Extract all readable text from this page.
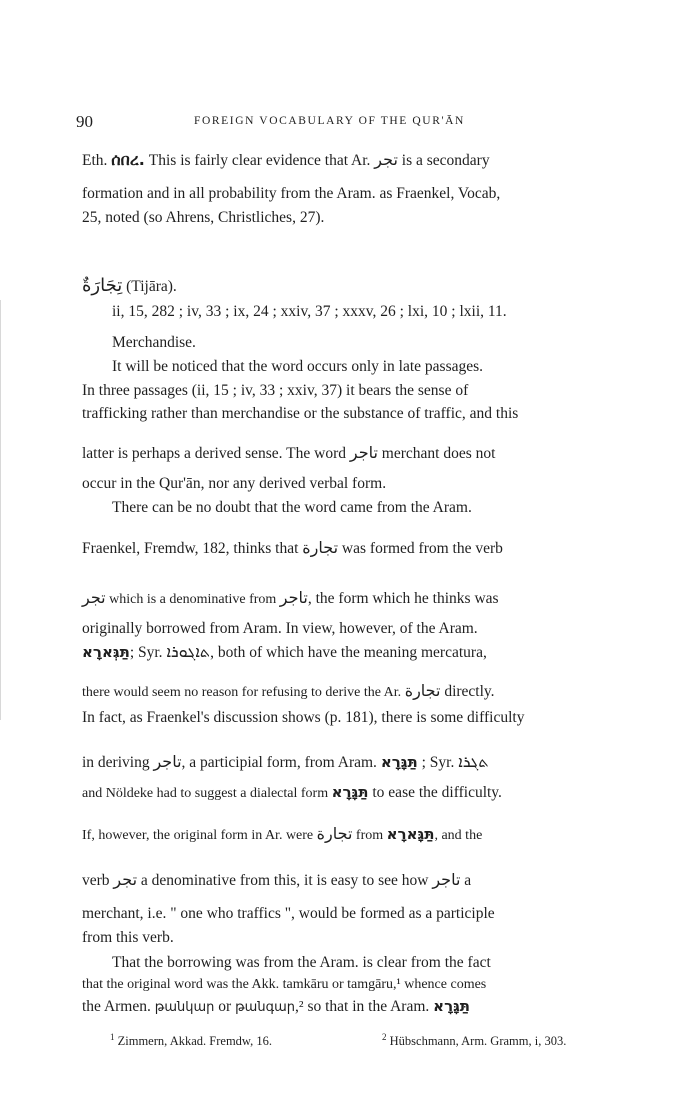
90	FOREIGN VOCABULARY OF THE QUR'ĀN
Eth. ሰበረ. This is fairly clear evidence that Ar. تجر is a secondary
formation and in all probability from the Aram. as Fraenkel, Vocab,
25, noted (so Ahrens, Christliches, 27).
تِجَارَةٌ (Tijāra).
ii, 15, 282 ; iv, 33 ; ix, 24 ; xxiv, 37 ; xxxv, 26 ; lxi, 10 ; lxii, 11.
Merchandise.
It will be noticed that the word occurs only in late passages.
In three passages (ii, 15 ; iv, 33 ; xxiv, 37) it bears the sense of
trafficking rather than merchandise or the substance of traffic, and this
latter is perhaps a derived sense. The word تاجر merchant does not
occur in the Qur'ān, nor any derived verbal form.
There can be no doubt that the word came from the Aram.
Fraenkel, Fremdw, 182, thinks that تجارة was formed from the verb
تجر which is a denominative from تاجر, the form which he thinks was
originally borrowed from Aram. In view, however, of the Aram.
תַּגְּארָא; Syr. ܬܐܓܘܪܐ, both of which have the meaning mercatura,
there would seem no reason for refusing to derive the Ar. تجارة directly.
In fact, as Fraenkel's discussion shows (p. 181), there is some difficulty
in deriving تاجر, a participial form, from Aram. תַּגָּרָא ; Syr. ܬܓܪܐ
and Nöldeke had to suggest a dialectal form תַּגָּרָא to ease the difficulty.
If, however, the original form in Ar. were تجارة from תַּגָּארָא, and the
verb تجر a denominative from this, it is easy to see how تاجر a
merchant, i.e. " one who traffics ", would be formed as a participle
from this verb.
That the borrowing was from the Aram. is clear from the fact
that the original word was the Akk. tamkāru or tamgāru,¹ whence comes
the Armen. թանկար or թանգար,² so that in the Aram. תַּגָּרָא
$^1$ Zimmern, Akkad. Fremdw, 16.	$^2$ Hübschmann, Arm. Gramm, i, 303.
